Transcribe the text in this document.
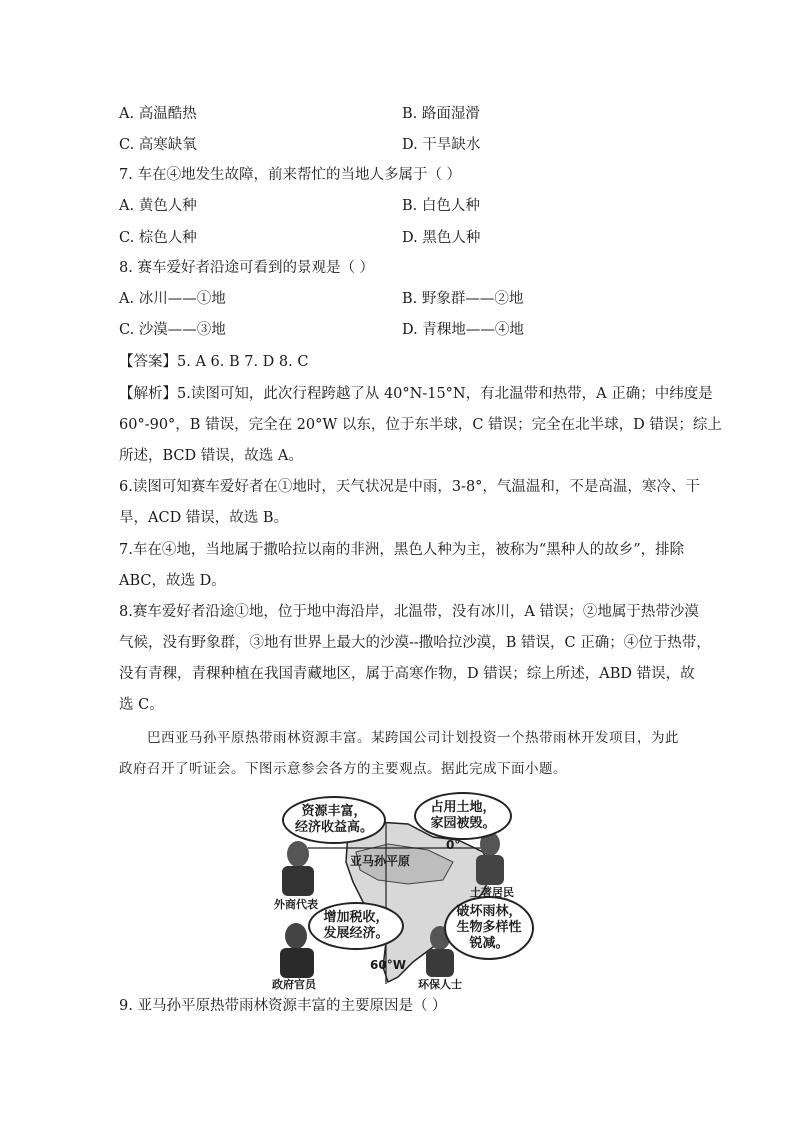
A. 高温酷热	B. 路面湿滑
C. 高寒缺氧	D. 干旱缺水
7. 车在④地发生故障，前来帮忙的当地人多属于（ ）
A. 黄色人种	B. 白色人种
C. 棕色人种	D. 黑色人种
8. 赛车爱好者沿途可看到的景观是（ ）
A. 冰川——①地	B. 野象群——②地
C. 沙漠——③地	D. 青稞地——④地
【答案】5. A 6. B 7. D 8. C
【解析】5.读图可知，此次行程跨越了从 40°N-15°N，有北温带和热带，A 正确；中纬度是
60°-90°，B 错误，完全在 20°W 以东，位于东半球，C 错误；完全在北半球，D 错误；综上
所述，BCD 错误，故选 A。
6.读图可知赛车爱好者在①地时，天气状况是中雨，3-8°，气温温和，不是高温，寒冷、干
旱，ACD 错误，故选 B。
7.车在④地，当地属于撒哈拉以南的非洲，黑色人种为主，被称为“黑种人的故乡”，排除
ABC，故选 D。
8.赛车爱好者沿途①地，位于地中海沿岸，北温带，没有冰川，A 错误；②地属于热带沙漠
气候，没有野象群，③地有世界上最大的沙漠--撒哈拉沙漠，B 错误，C 正确；④位于热带，
没有青稞，青稞种植在我国青藏地区，属于高寒作物，D 错误；综上所述，ABD 错误，故
选 C。
巴西亚马孙平原热带雨林资源丰富。某跨国公司计划投资一个热带雨林开发项目，为此
政府召开了听证会。下图示意参会各方的主要观点。据此完成下面小题。
资源丰富，
经济收益高。
占用土地，
家园被毁。
增加税收，
发展经济。
破坏雨林，
生物多样性
锐减。
亚马孙平原
0°
60°W
外商代表
土著居民
政府官员	环保人士
9. 亚马孙平原热带雨林资源丰富的主要原因是（ ）
